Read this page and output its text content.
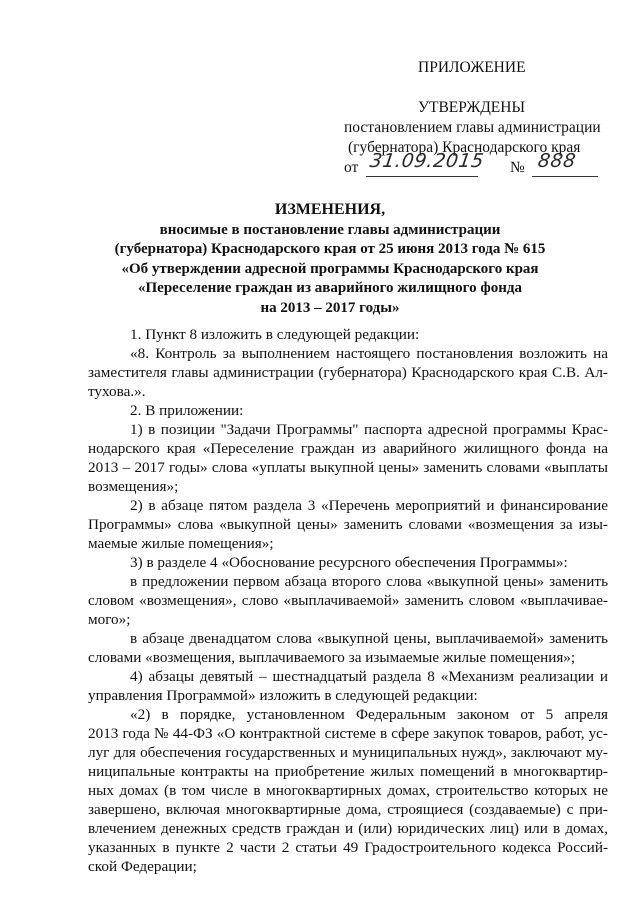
ПРИЛОЖЕНИЕ
УТВЕРЖДЕНЫ
постановлением главы администрации
(губернатора) Краснодарского края
от 31.09.2015 № 888
ИЗМЕНЕНИЯ,
вносимые в постановление главы администрации
(губернатора) Краснодарского края от 25 июня 2013 года № 615
«Об утверждении адресной программы Краснодарского края
«Переселение граждан из аварийного жилищного фонда
на 2013 – 2017 годы»
1. Пункт 8 изложить в следующей редакции:
«8. Контроль за выполнением настоящего постановления возложить на
заместителя главы администрации (губернатора) Краснодарского края С.В. Ал-
тухова.».
2. В приложении:
1) в позиции "Задачи Программы" паспорта адресной программы Крас-
нодарского края «Переселение граждан из аварийного жилищного фонда на
2013 – 2017 годы» слова «уплаты выкупной цены» заменить словами «выплаты
возмещения»;
2) в абзаце пятом раздела 3 «Перечень мероприятий и финансирование
Программы» слова «выкупной цены» заменить словами «возмещения за изы-
маемые жилые помещения»;
3) в разделе 4 «Обоснование ресурсного обеспечения Программы»:
в предложении первом абзаца второго слова «выкупной цены» заменить
словом «возмещения», слово «выплачиваемой» заменить словом «выплачивае-
мого»;
в абзаце двенадцатом слова «выкупной цены, выплачиваемой» заменить
словами «возмещения, выплачиваемого за изымаемые жилые помещения»;
4) абзацы девятый – шестнадцатый раздела 8 «Механизм реализации и
управления Программой» изложить в следующей редакции:
«2) в порядке, установленном Федеральным законом от 5 апреля
2013 года № 44-ФЗ «О контрактной системе в сфере закупок товаров, работ, ус-
луг для обеспечения государственных и муниципальных нужд», заключают му-
ниципальные контракты на приобретение жилых помещений в многоквартир-
ных домах (в том числе в многоквартирных домах, строительство которых не
завершено, включая многоквартирные дома, строящиеся (создаваемые) с при-
влечением денежных средств граждан и (или) юридических лиц) или в домах,
указанных в пункте 2 части 2 статьи 49 Градостроительного кодекса Россий-
ской Федерации;
